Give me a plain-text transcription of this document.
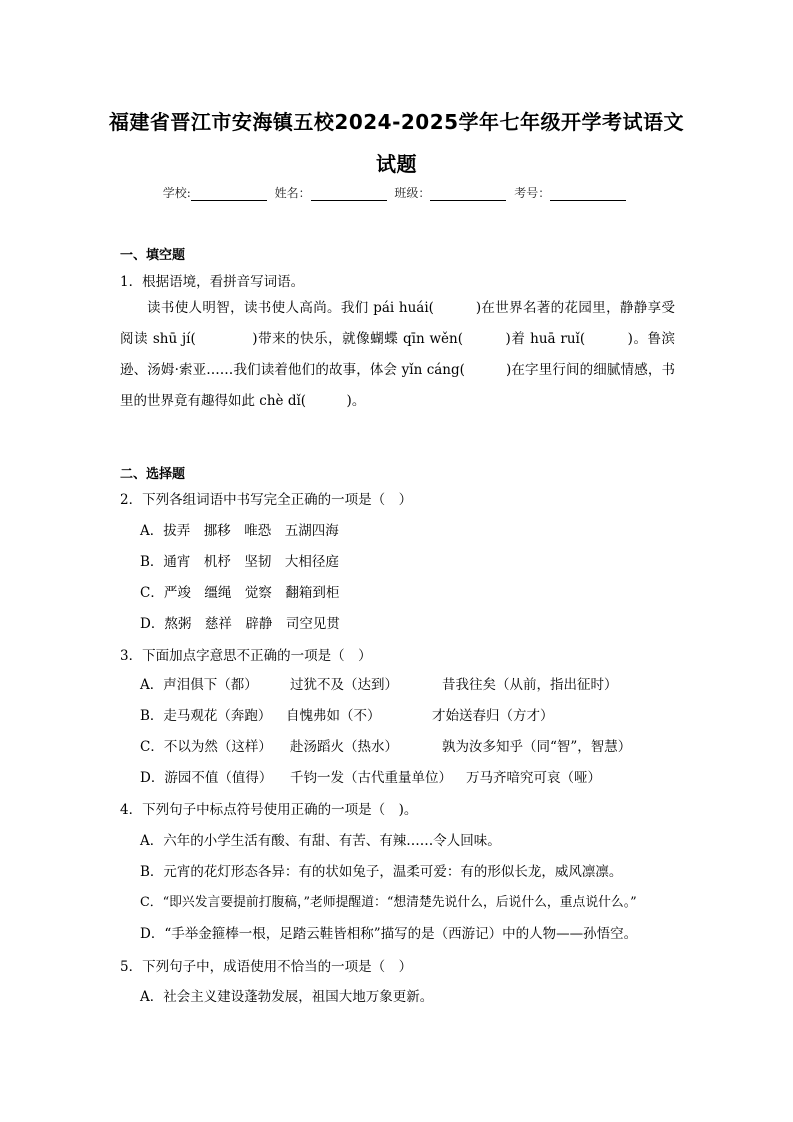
福建省晋江市安海镇五校2024-2025学年七年级开学考试语文
试题
学校:	姓名：	班级：	考号：
一、填空题
1．根据语境，看拼音写词语。
读书使人明智，读书使人高尚。我们 pái huái(　　　)在世界名著的花园里，静静享受阅读 shū jí(　　　　)带来的快乐，就像蝴蝶 qīn wěn(　　　)着 huā ruǐ(　　　)。鲁滨逊、汤姆·索亚……我们读着他们的故事，体会 yǐn cáng(　　　)在字里行间的细腻情感，书里的世界竟有趣得如此 chè dǐ(　　　)。
二、选择题
2．下列各组词语中书写完全正确的一项是（　）
A．拔弄　挪移　唯恐　五湖四海
B．通宵　机杼　坚韧　大相径庭
C．严竣　缰绳　觉察　翻箱到柜
D．熬粥　慈祥　辟静　司空见贯
3．下面加点字意思不正确的一项是（　）
A．声泪俱下（都） 过犹不及（达到）	昔我往矣（从前，指出征时）
B．走马观花（奔跑） 自愧弗如（不）	才始送春归（方才）
C．不以为然（这样） 赴汤蹈火（热水）	孰为汝多知乎（同“智”，智慧）
D．游园不值（值得） 千钧一发（古代重量单位） 万马齐喑究可哀（哑）
4．下列句子中标点符号使用正确的一项是（　)。
A．六年的小学生活有酸、有甜、有苦、有辣……令人回味。
B．元宵的花灯形态各异：有的状如兔子，温柔可爱：有的形似长龙，威风凛凛。
C．“即兴发言要提前打腹稿，”老师提醒道：“想清楚先说什么，后说什么，重点说什么。”
D．“手举金箍棒一根，足踏云鞋皆相称”描写的是（西游记）中的人物——孙悟空。
5．下列句子中，成语使用不恰当的一项是（　）
A．社会主义建设蓬勃发展，祖国大地万象更新。
